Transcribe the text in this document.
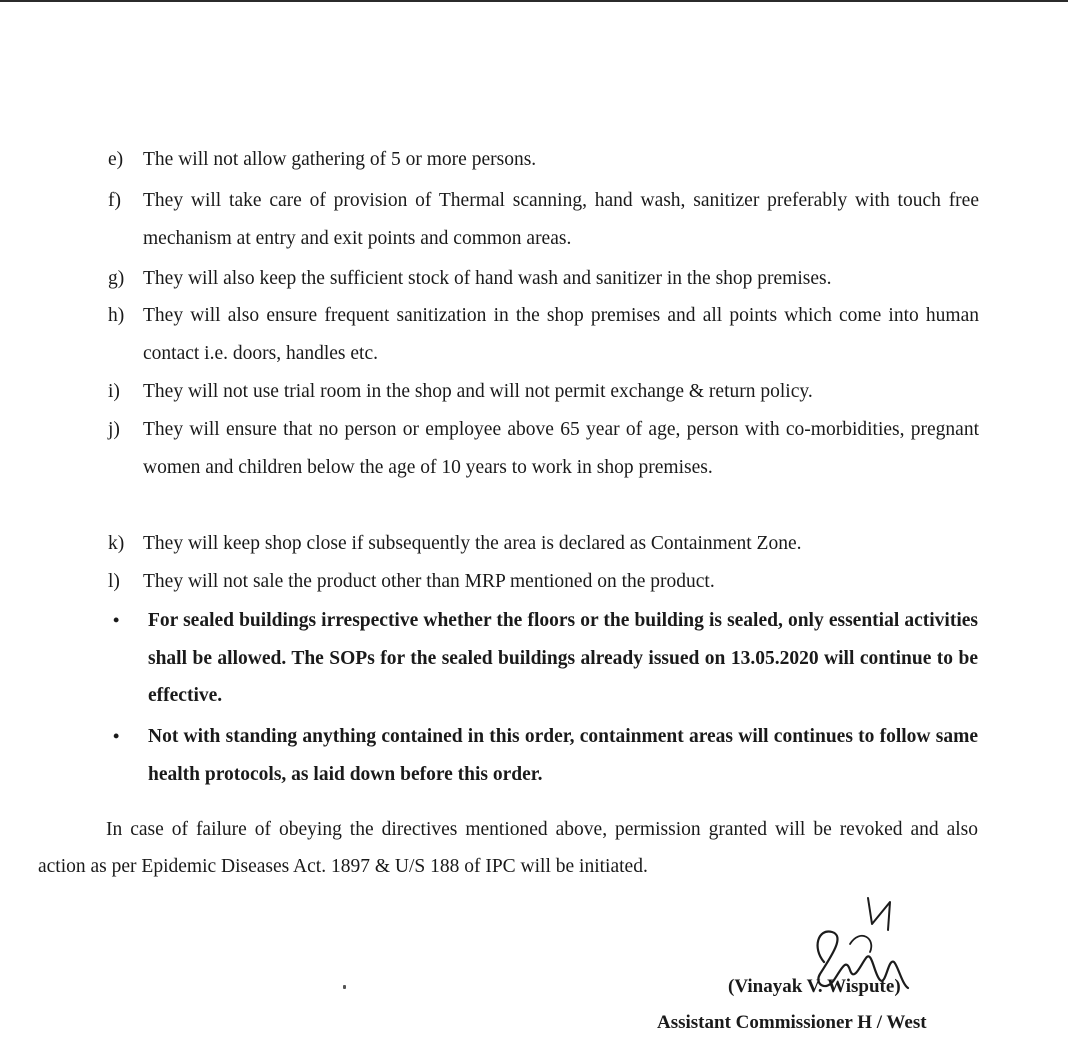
e)	The will not allow gathering of 5 or more persons.
f)	They will take care of provision of Thermal scanning, hand wash, sanitizer preferably with touch free mechanism at entry and exit points and common areas.
g) They will also keep the sufficient stock of hand wash and sanitizer in the shop premises.
h) They will also ensure frequent sanitization in the shop premises and all points which come into human contact i.e. doors, handles etc.
i)	They will not use trial room in the shop and will not permit exchange & return policy.
j)	They will ensure that no person or employee above 65 year of age, person with co-morbidities, pregnant women and children below the age of 10 years to work in shop premises.
k) They will keep shop close if subsequently the area is declared as Containment Zone.
l)	They will not sale the product other than MRP mentioned on the product.
•	For sealed buildings irrespective whether the floors or the building is sealed, only essential activities shall be allowed. The SOPs for the sealed buildings already issued on 13.05.2020 will continue to be effective.
•	Not with standing anything contained in this order, containment areas will continues to follow same health protocols, as laid down before this order.
In case of failure of obeying the directives mentioned above, permission granted will be revoked and also action as per Epidemic Diseases Act. 1897 & U/S 188 of IPC will be initiated.
(Vinayak V. Wispute)
Assistant Commissioner H / West
